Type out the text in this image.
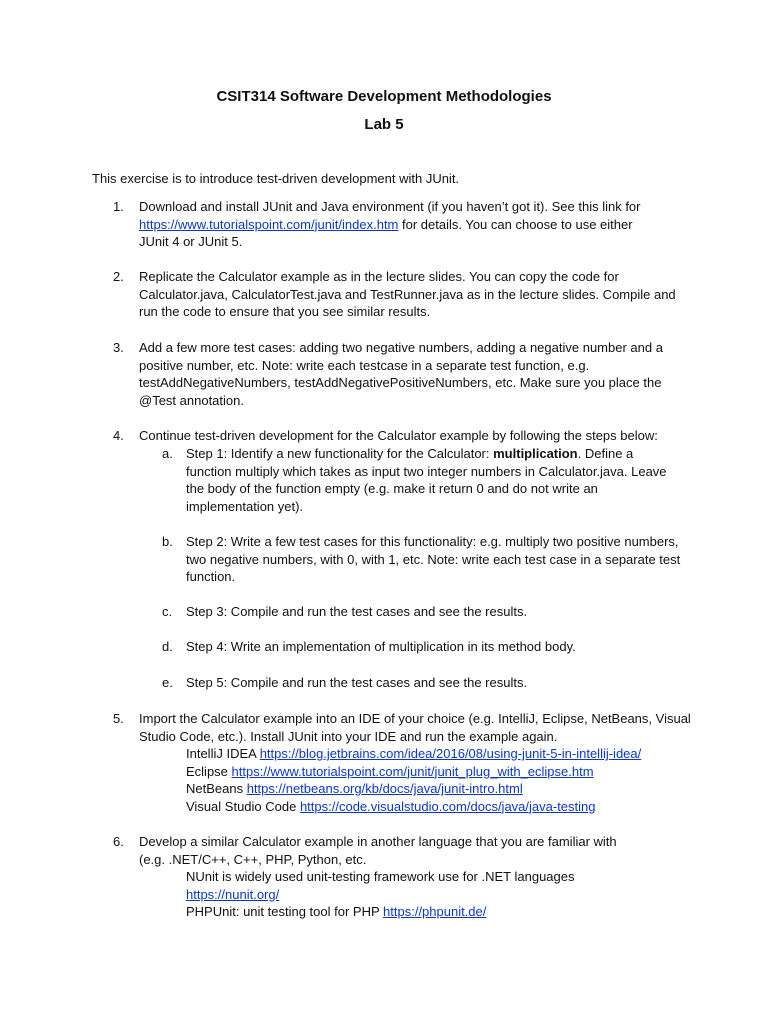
CSIT314 Software Development Methodologies
Lab 5
This exercise is to introduce test-driven development with JUnit.
1. Download and install JUnit and Java environment (if you haven’t got it). See this link for
https://www.tutorialspoint.com/junit/index.htm for details. You can choose to use either
JUnit 4 or JUnit 5.
2. Replicate the Calculator example as in the lecture slides. You can copy the code for Calculator.java, CalculatorTest.java and TestRunner.java as in the lecture slides. Compile and run the code to ensure that you see similar results.
3. Add a few more test cases: adding two negative numbers, adding a negative number and a positive number, etc. Note: write each testcase in a separate test function, e.g. testAddNegativeNumbers, testAddNegativePositiveNumbers, etc. Make sure you place the @Test annotation.
4. Continue test-driven development for the Calculator example by following the steps below:
a. Step 1: Identify a new functionality for the Calculator: multiplication. Define a function multiply which takes as input two integer numbers in Calculator.java. Leave the body of the function empty (e.g. make it return 0 and do not write an implementation yet).
b. Step 2: Write a few test cases for this functionality: e.g. multiply two positive numbers, two negative numbers, with 0, with 1, etc. Note: write each test case in a separate test function.
c. Step 3: Compile and run the test cases and see the results.
d. Step 4: Write an implementation of multiplication in its method body.
e. Step 5: Compile and run the test cases and see the results.
5. Import the Calculator example into an IDE of your choice (e.g. IntelliJ, Eclipse, NetBeans, Visual Studio Code, etc.). Install JUnit into your IDE and run the example again.
IntelliJ IDEA https://blog.jetbrains.com/idea/2016/08/using-junit-5-in-intellij-idea/
Eclipse https://www.tutorialspoint.com/junit/junit_plug_with_eclipse.htm
NetBeans https://netbeans.org/kb/docs/java/junit-intro.html
Visual Studio Code https://code.visualstudio.com/docs/java/java-testing
6. Develop a similar Calculator example in another language that you are familiar with
(e.g. .NET/C++, C++, PHP, Python, etc.
NUnit is widely used unit-testing framework use for .NET languages
https://nunit.org/
PHPUnit: unit testing tool for PHP https://phpunit.de/
